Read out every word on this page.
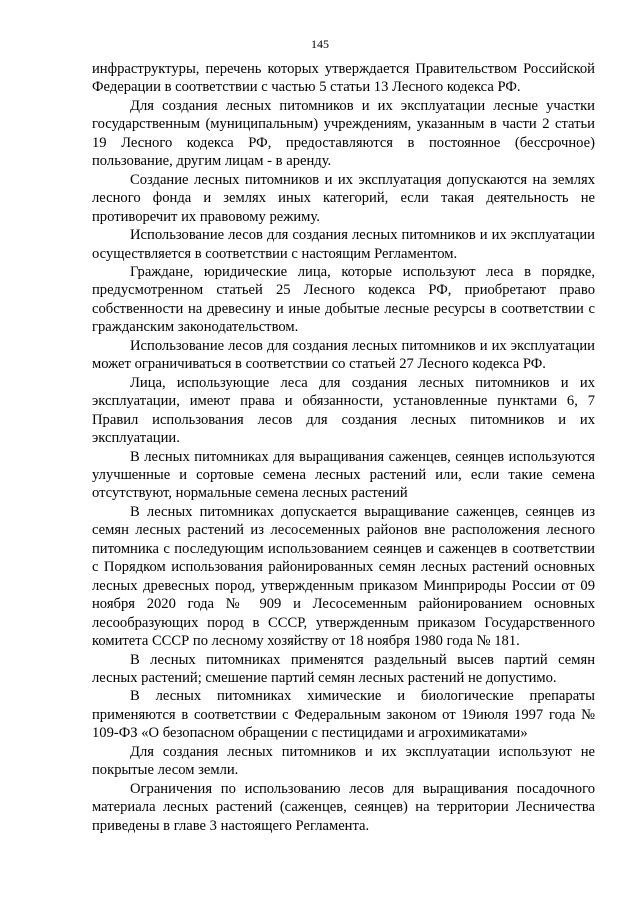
145

инфраструктуры, перечень которых утверждается Правительством Российской Федерации в соответствии с частью 5 статьи 13 Лесного кодекса РФ.

Для создания лесных питомников и их эксплуатации лесные участки государственным (муниципальным) учреждениям, указанным в части 2 статьи 19 Лесного кодекса РФ, предоставляются в постоянное (бессрочное) пользование, другим лицам - в аренду.

Создание лесных питомников и их эксплуатация допускаются на землях лесного фонда и землях иных категорий, если такая деятельность не противоречит их правовому режиму.

Использование лесов для создания лесных питомников и их эксплуатации осуществляется в соответствии с настоящим Регламентом.

Граждане, юридические лица, которые используют леса в порядке, предусмотренном статьей 25 Лесного кодекса РФ, приобретают право собственности на древесину и иные добытые лесные ресурсы в соответствии с гражданским законодательством.

Использование лесов для создания лесных питомников и их эксплуатации может ограничиваться в соответствии со статьей 27 Лесного кодекса РФ.

Лица, использующие леса для создания лесных питомников и их эксплуатации, имеют права и обязанности, установленные пунктами 6, 7 Правил использования лесов для создания лесных питомников и их эксплуатации.

В лесных питомниках для выращивания саженцев, сеянцев используются улучшенные и сортовые семена лесных растений или, если такие семена отсутствуют, нормальные семена лесных растений

В лесных питомниках допускается выращивание саженцев, сеянцев из семян лесных растений из лесосеменных районов вне расположения лесного питомника с последующим использованием сеянцев и саженцев в соответствии с Порядком использования районированных семян лесных растений основных лесных древесных пород, утвержденным приказом Минприроды России от 09 ноября 2020 года № 909 и Лесосеменным районированием основных лесообразующих пород в СССР, утвержденным приказом Государственного комитета СССР по лесному хозяйству от 18 ноября 1980 года № 181.

В лесных питомниках применятся раздельный высев партий семян лесных растений; смешение партий семян лесных растений не допустимо.

В лесных питомниках химические и биологические препараты применяются в соответствии с Федеральным законом от 19июля 1997 года № 109-ФЗ «О безопасном обращении с пестицидами и агрохимикатами»

Для создания лесных питомников и их эксплуатации используют не покрытые лесом земли.

Ограничения по использованию лесов для выращивания посадочного материала лесных растений (саженцев, сеянцев) на территории Лесничества приведены в главе 3 настоящего Регламента.
